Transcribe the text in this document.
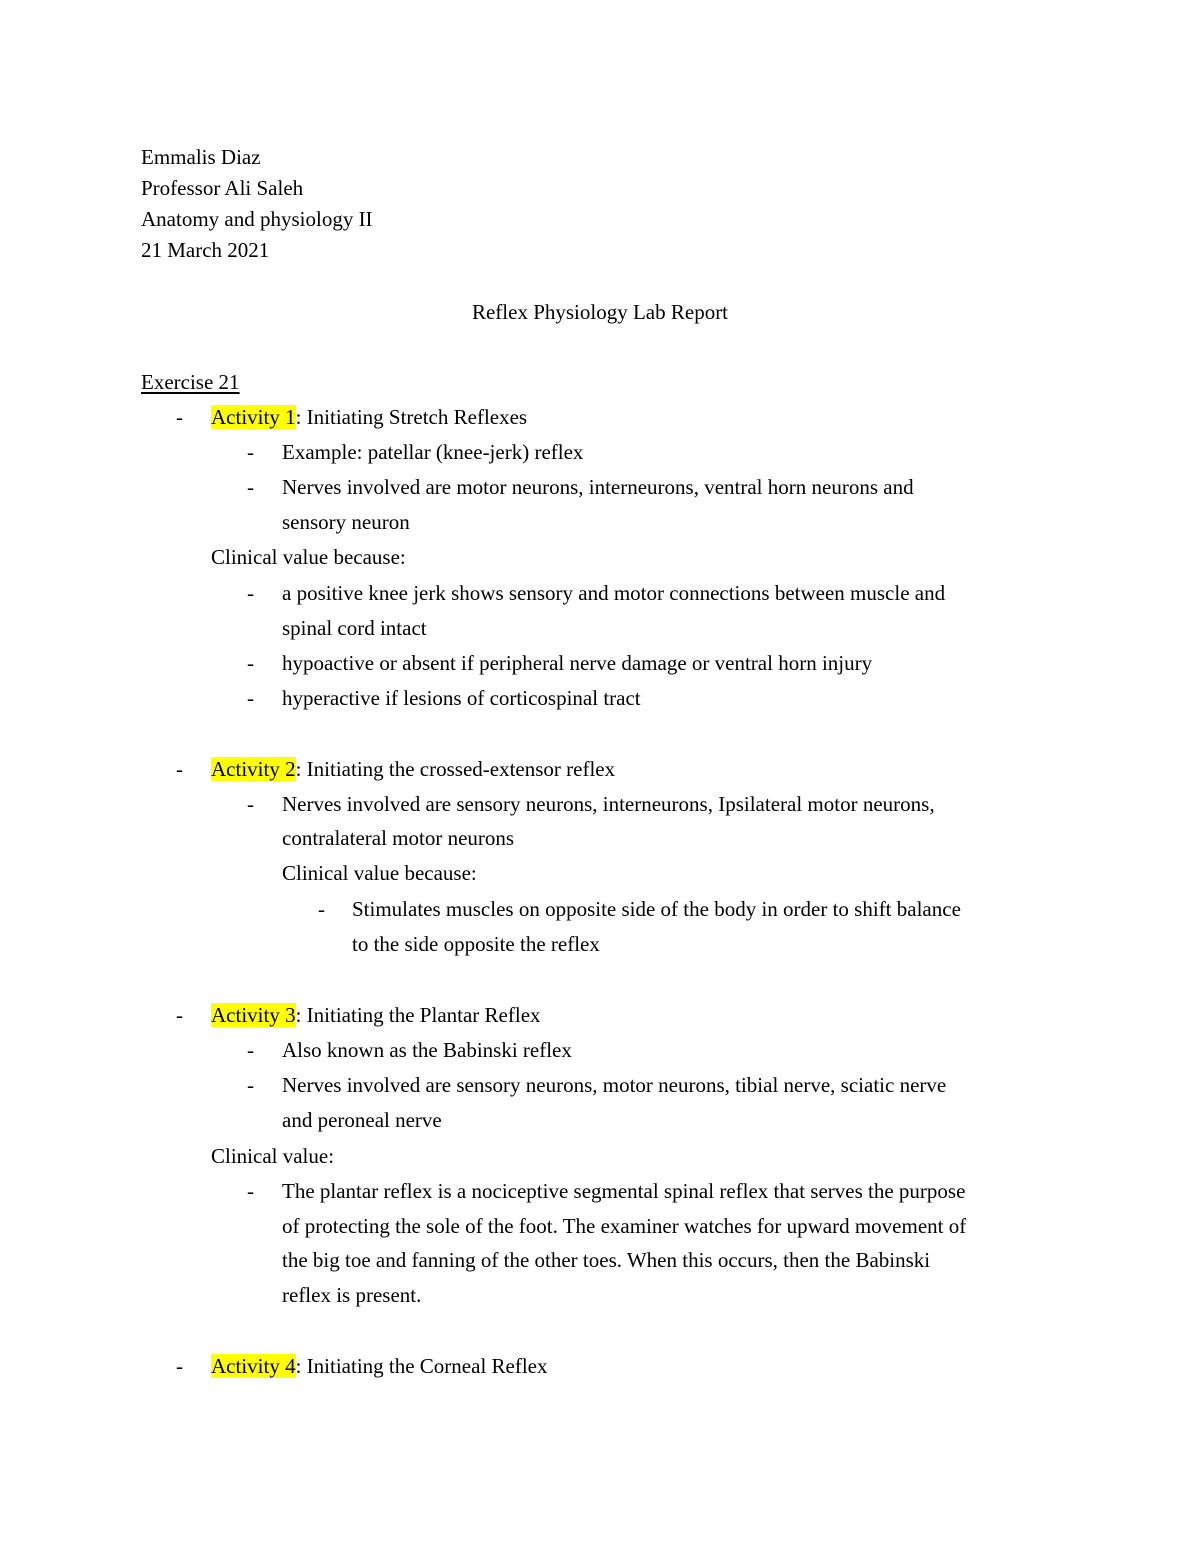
Emmalis Diaz
Professor Ali Saleh
Anatomy and physiology II
21 March 2021
Reflex Physiology Lab Report
Exercise 21
- Activity 1: Initiating Stretch Reflexes
- Example: patellar (knee-jerk) reflex
- Nerves involved are motor neurons, interneurons, ventral horn neurons and
sensory neuron
Clinical value because:
- a positive knee jerk shows sensory and motor connections between muscle and
spinal cord intact
- hypoactive or absent if peripheral nerve damage or ventral horn injury
- hyperactive if lesions of corticospinal tract
- Activity 2: Initiating the crossed-extensor reflex
- Nerves involved are sensory neurons, interneurons, Ipsilateral motor neurons,
contralateral motor neurons
Clinical value because:
- Stimulates muscles on opposite side of the body in order to shift balance
to the side opposite the reflex
- Activity 3: Initiating the Plantar Reflex
- Also known as the Babinski reflex
- Nerves involved are sensory neurons, motor neurons, tibial nerve, sciatic nerve
and peroneal nerve
Clinical value:
- The plantar reflex is a nociceptive segmental spinal reflex that serves the purpose
of protecting the sole of the foot. The examiner watches for upward movement of
the big toe and fanning of the other toes. When this occurs, then the Babinski
reflex is present.
- Activity 4: Initiating the Corneal Reflex
